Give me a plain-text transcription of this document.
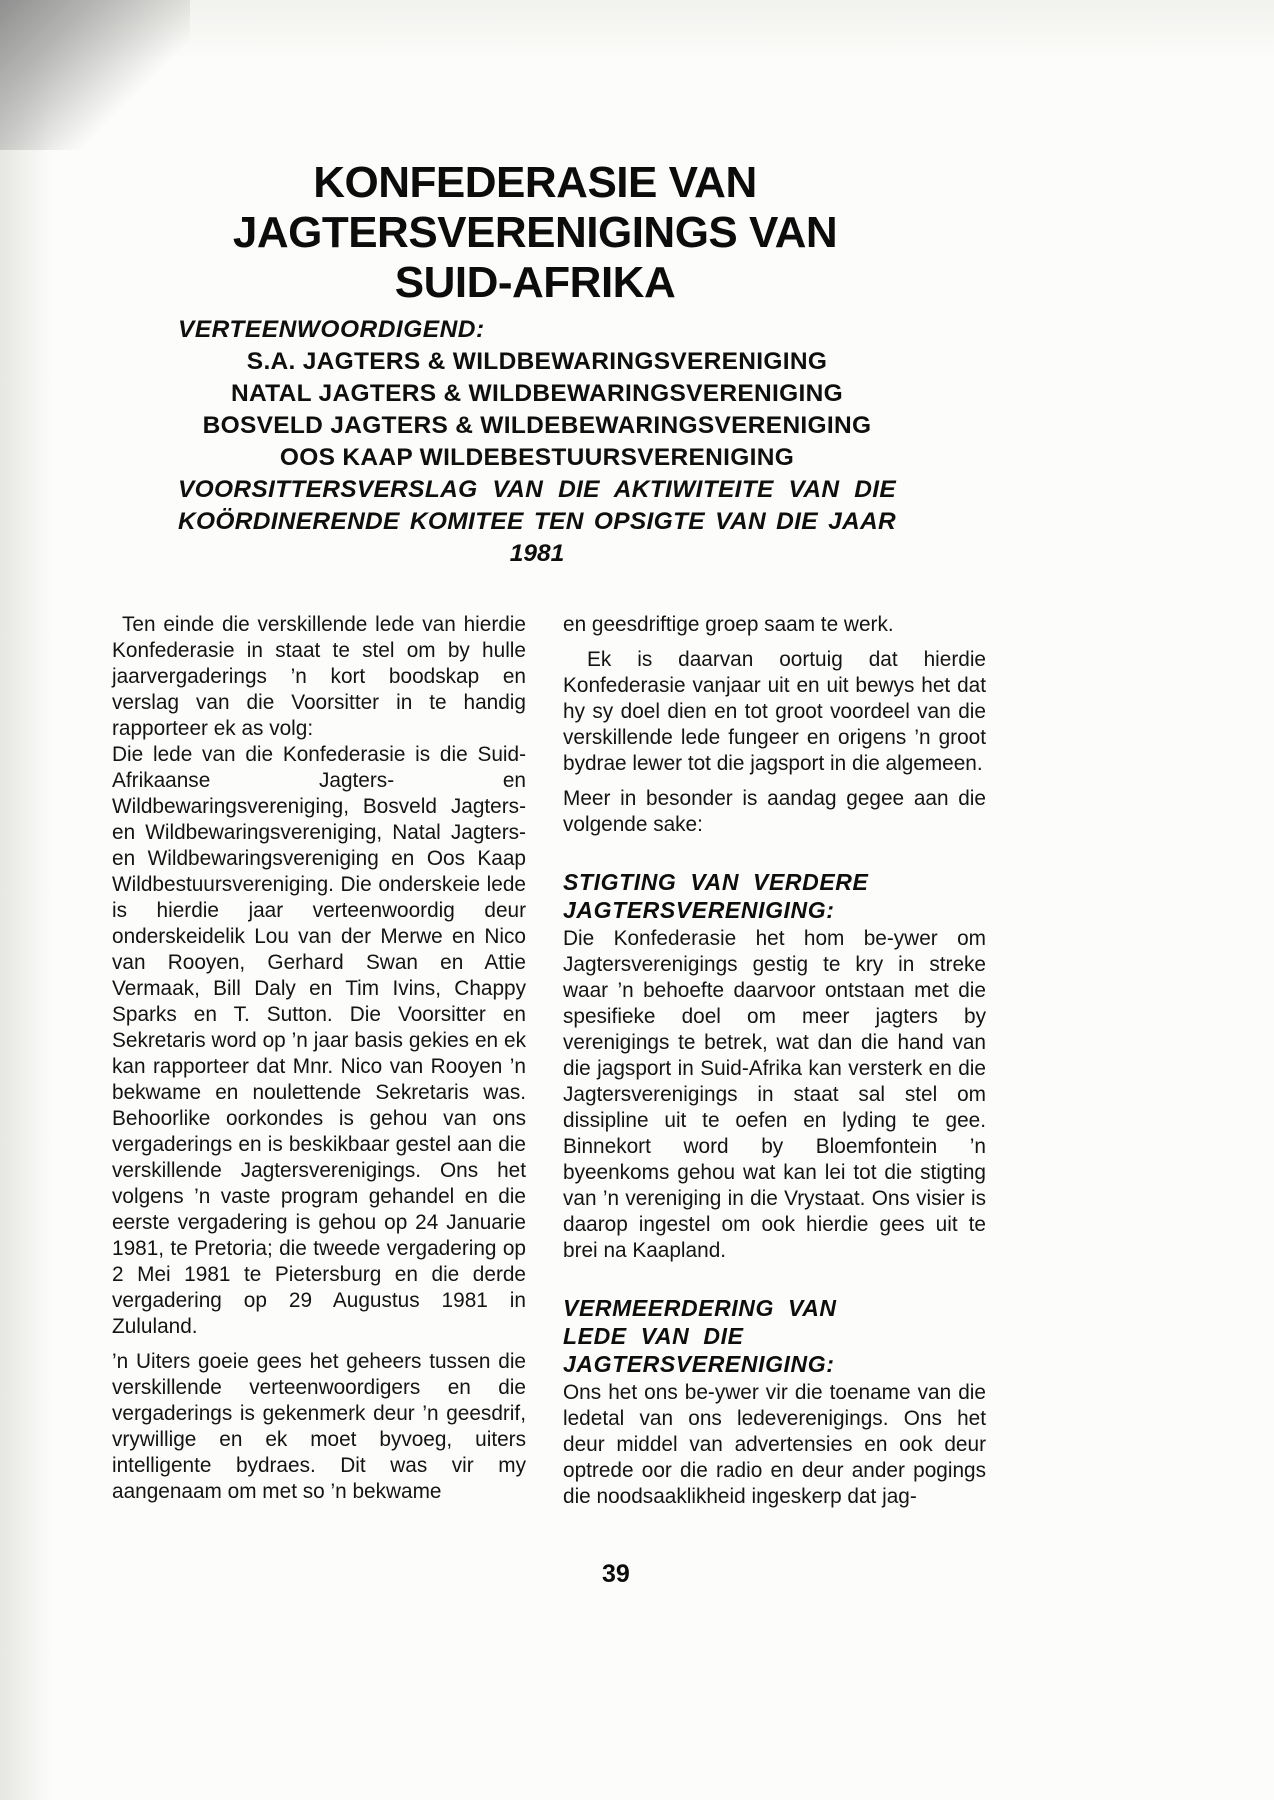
KONFEDERASIE VAN
JAGTERSVERENIGINGS VAN
SUID-AFRIKA
VERTEENWOORDIGEND:
S.A. JAGTERS & WILDBEWARINGSVERENIGING
NATAL JAGTERS & WILDBEWARINGSVERENIGING
BOSVELD JAGTERS & WILDEBEWARINGSVERENIGING
OOS KAAP WILDEBESTUURSVERENIGING
VOORSITTERSVERSLAG VAN DIE AKTIWITEITE VAN DIE
KOÖRDINERENDE KOMITEE TEN OPSIGTE VAN DIE JAAR
1981

Ten einde die verskillende lede van hierdie Konfederasie in staat te stel om by hulle jaarvergaderings ’n kort boodskap en verslag van die Voorsitter in te handig rapporteer ek as volg:

Die lede van die Konfederasie is die Suid-Afrikaanse Jagters- en Wildbewaringsvereniging, Bosveld Jagters- en Wildbewaringsvereniging, Natal Jagters- en Wildbewaringsvereniging en Oos Kaap Wildbestuursvereniging. Die onderskeie lede is hierdie jaar verteenwoordig deur onderskeidelik Lou van der Merwe en Nico van Rooyen, Gerhard Swan en Attie Vermaak, Bill Daly en Tim Ivins, Chappy Sparks en T. Sutton. Die Voorsitter en Sekretaris word op ’n jaar basis gekies en ek kan rapporteer dat Mnr. Nico van Rooyen ’n bekwame en noulettende Sekretaris was. Behoorlike oorkondes is gehou van ons vergaderings en is beskikbaar gestel aan die verskillende Jagtersverenigings. Ons het volgens ’n vaste program gehandel en die eerste vergadering is gehou op 24 Januarie 1981, te Pretoria; die tweede vergadering op 2 Mei 1981 te Pietersburg en die derde vergadering op 29 Augustus 1981 in Zululand.

’n Uiters goeie gees het geheers tussen die verskillende verteenwoordigers en die vergaderings is gekenmerk deur ’n geesdrif, vrywillige en ek moet byvoeg, uiters intelligente bydraes. Dit was vir my aangenaam om met so ’n bekwame

en geesdriftige groep saam te werk.

Ek is daarvan oortuig dat hierdie Konfederasie vanjaar uit en uit bewys het dat hy sy doel dien en tot groot voordeel van die verskillende lede fungeer en origens ’n groot bydrae lewer tot die jagsport in die algemeen.

Meer in besonder is aandag gegee aan die volgende sake:

STIGTING VAN VERDERE
JAGTERSVERENIGING:

Die Konfederasie het hom be-ywer om Jagtersverenigings gestig te kry in streke waar ’n behoefte daarvoor ontstaan met die spesifieke doel om meer jagters by verenigings te betrek, wat dan die hand van die jagsport in Suid-Afrika kan versterk en die Jagtersverenigings in staat sal stel om dissipline uit te oefen en lyding te gee. Binnekort word by Bloemfontein ’n byeenkoms gehou wat kan lei tot die stigting van ’n vereniging in die Vrystaat. Ons visier is daarop ingestel om ook hierdie gees uit te brei na Kaapland.

VERMEERDERING VAN
LEDE VAN DIE
JAGTERSVERENIGING:

Ons het ons be-ywer vir die toename van die ledetal van ons ledeverenigings. Ons het deur middel van advertensies en ook deur optrede oor die radio en deur ander pogings die noodsaaklikheid ingeskerp dat jag-

39
